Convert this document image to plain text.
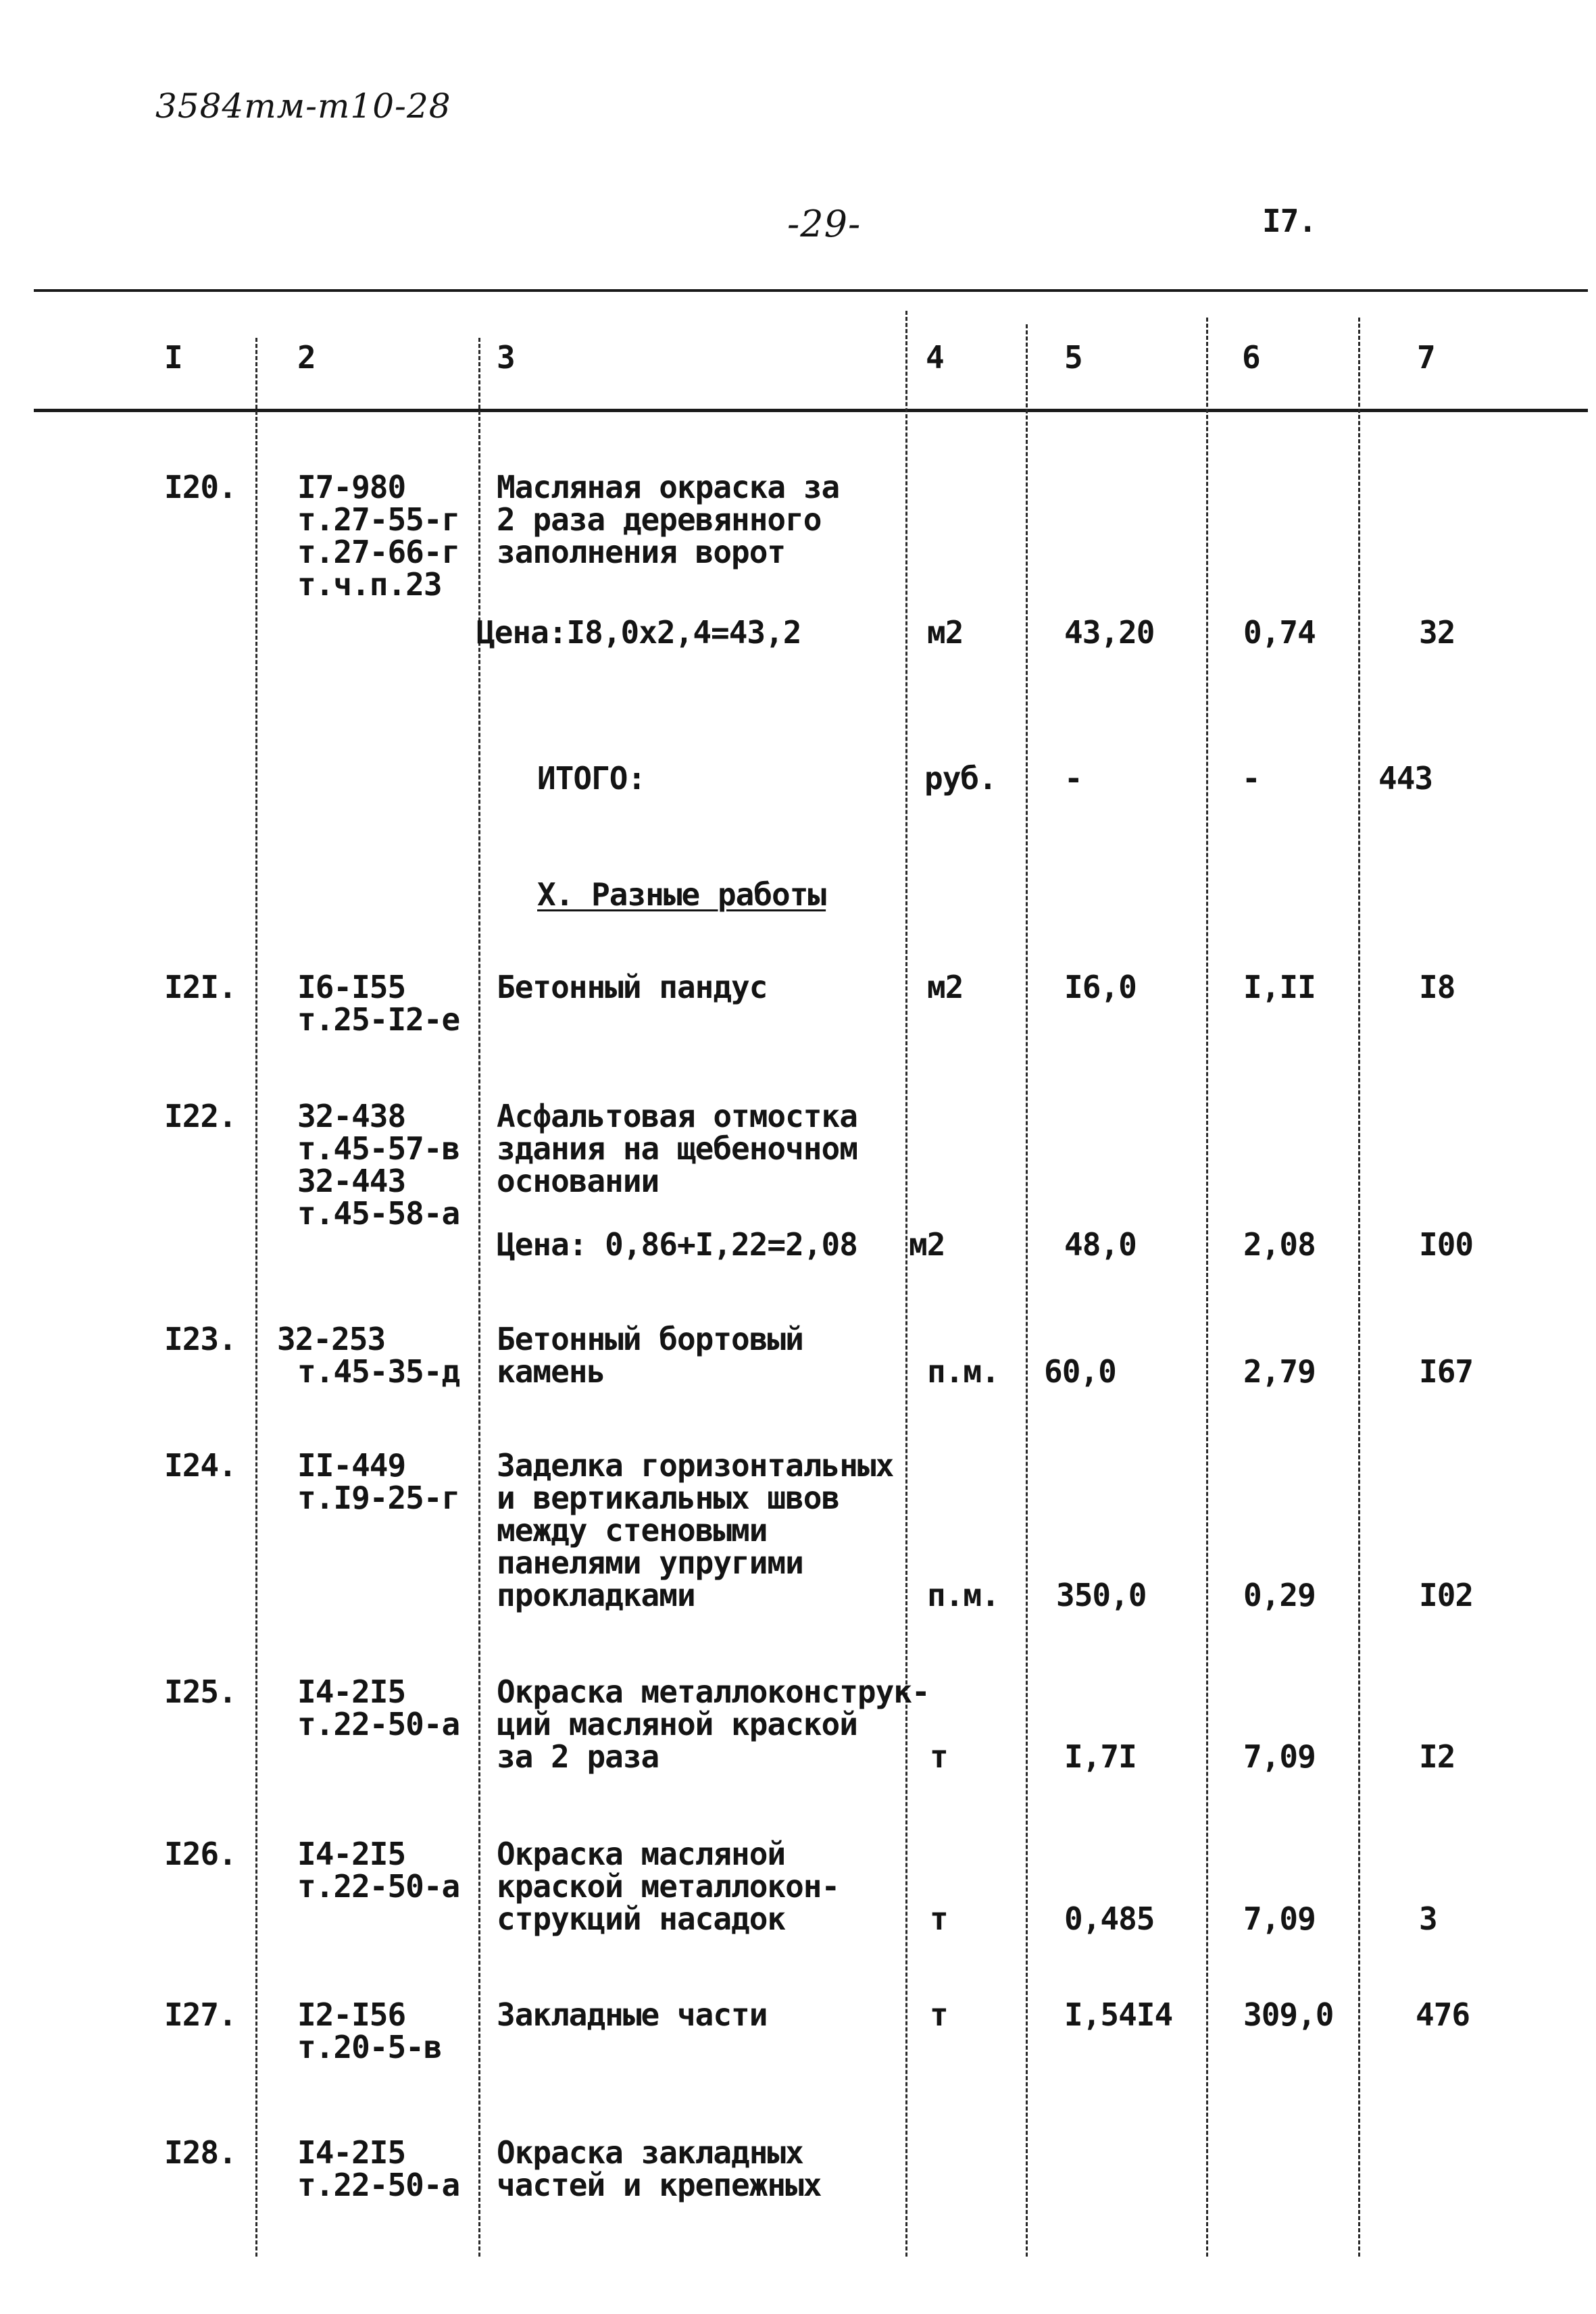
3584тм-т10-28
-29-	I7.
I	2	3	4	5	6	7
I20. I7-980
т.27-55-г
т.27-66-г
т.ч.п.23
Масляная окраска за
2 раза деревянного
заполнения ворот
Цена:I8,0х2,4=43,2	м2	43,20	0,74	32
ИТОГО:	руб. -	-	443
X. Разные работы
I2I. I6-I55
т.25-I2-е
Бетонный пандус	м2	I6,0	I,II	I8
I22. 32-438
т.45-57-в
32-443
т.45-58-а
Асфальтовая отмостка
здания на щебеночном
основании
Цена: 0,86+I,22=2,08 м2	48,0	2,08	I00
I23. 32-253
т.45-35-д
Бетонный бортовый
камень	п.м. 60,0	2,79	I67
I24. II-449
т.I9-25-г
Заделка горизонтальных
и вертикальных швов
между стеновыми
панелями упругими
прокладками	п.м. 350,0	0,29	I02
I25. I4-2I5
т.22-50-а
Окраска металлоконструк-
ций масляной краской
за 2 раза	т	I,7I	7,09	I2
I26. I4-2I5
т.22-50-а
Окраска масляной
краской металлокон-
струкций насадок	т	0,485	7,09	3
I27. I2-I56
т.20-5-в
Закладные части	т	I,54I4 309,0	476
I28. I4-2I5
т.22-50-а
Окраска закладных
частей и крепежных
